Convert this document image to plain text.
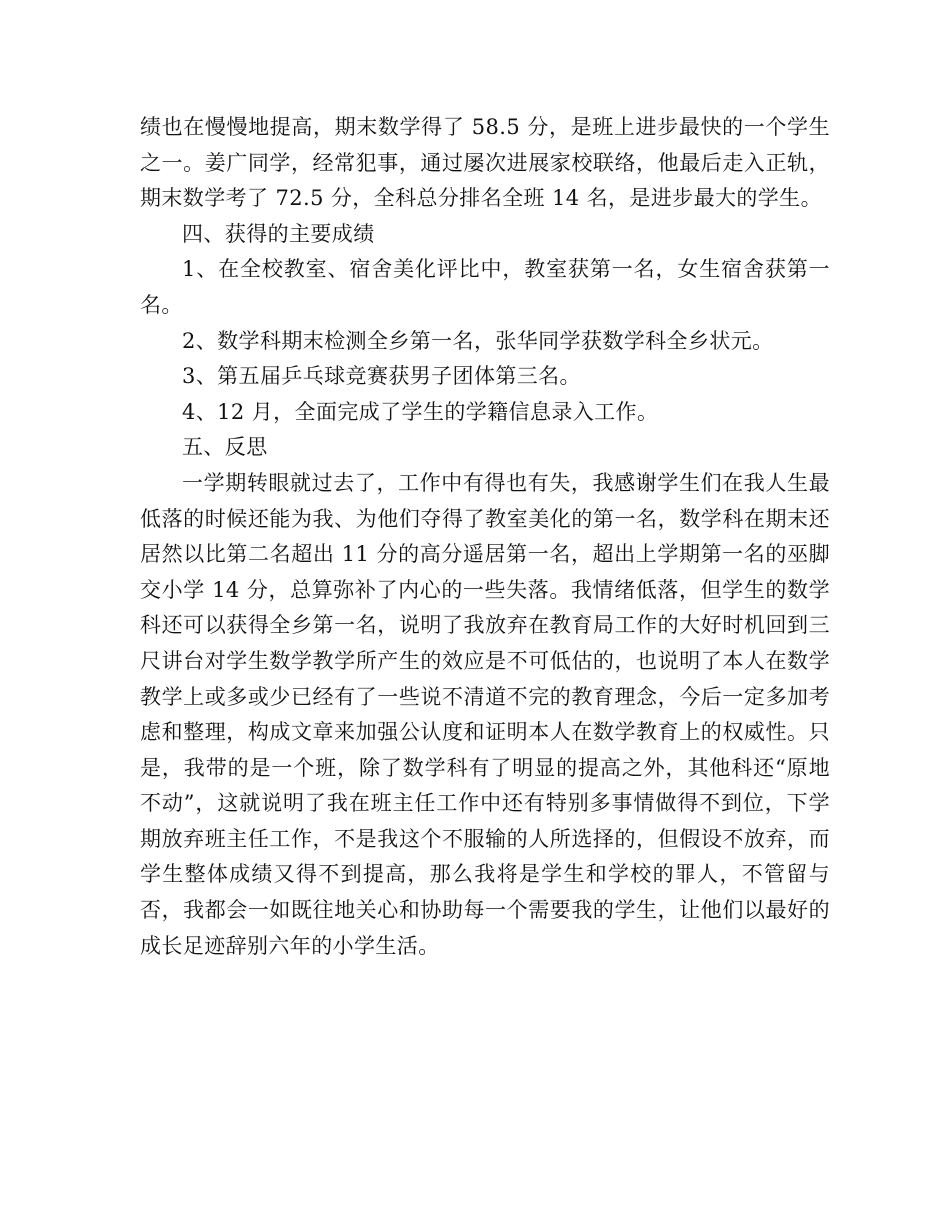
绩也在慢慢地提高，期末数学得了 58.5 分，是班上进步最快的一个学生之一。姜广同学，经常犯事，通过屡次进展家校联络，他最后走入正轨，期末数学考了 72.5 分，全科总分排名全班 14 名，是进步最大的学生。

四、获得的主要成绩

1、在全校教室、宿舍美化评比中，教室获第一名，女生宿舍获第一名。

2、数学科期末检测全乡第一名，张华同学获数学科全乡状元。

3、第五届乒乓球竞赛获男子团体第三名。

4、12 月，全面完成了学生的学籍信息录入工作。

五、反思

一学期转眼就过去了，工作中有得也有失，我感谢学生们在我人生最低落的时候还能为我、为他们夺得了教室美化的第一名，数学科在期末还居然以比第二名超出 11 分的高分遥居第一名，超出上学期第一名的巫脚交小学 14 分，总算弥补了内心的一些失落。我情绪低落，但学生的数学科还可以获得全乡第一名，说明了我放弃在教育局工作的大好时机回到三尺讲台对学生数学教学所产生的效应是不可低估的，也说明了本人在数学教学上或多或少已经有了一些说不清道不完的教育理念，今后一定多加考虑和整理，构成文章来加强公认度和证明本人在数学教育上的权威性。只是，我带的是一个班，除了数学科有了明显的提高之外，其他科还“原地不动”，这就说明了我在班主任工作中还有特别多事情做得不到位，下学期放弃班主任工作，不是我这个不服输的人所选择的，但假设不放弃，而学生整体成绩又得不到提高，那么我将是学生和学校的罪人，不管留与否，我都会一如既往地关心和协助每一个需要我的学生，让他们以最好的成长足迹辞别六年的小学生活。
